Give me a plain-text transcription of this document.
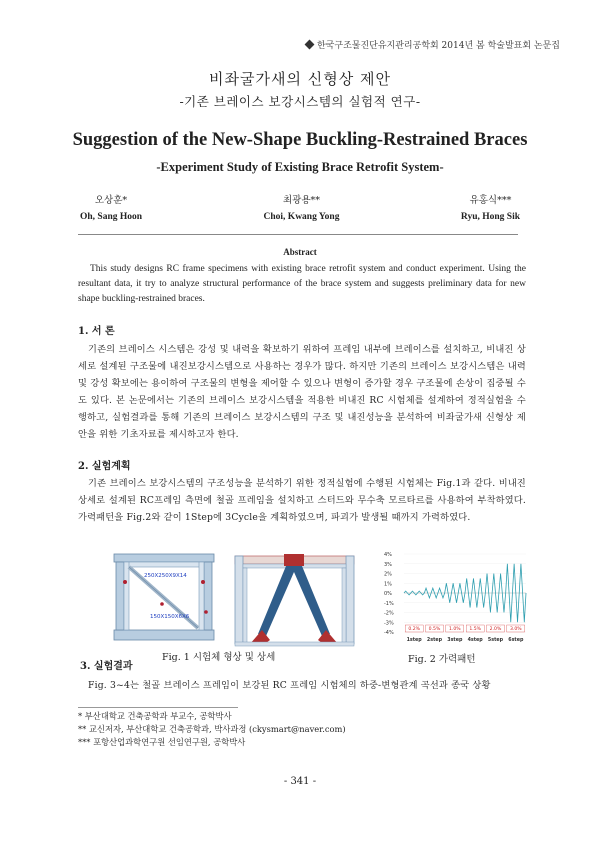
한국구조물진단유지관리공학회 2014년 봄 학술발표회 논문집
비좌굴가새의 신형상 제안
-기존 브레이스 보강시스템의 실험적 연구-
Suggestion of the New-Shape Buckling-Restrained Braces
-Experiment Study of Existing Brace Retrofit System-
오상훈*
Oh, Sang Hoon
최광용**
Choi, Kwang Yong
유홍식***
Ryu, Hong Sik
Abstract
This study designs RC frame specimens with existing brace retrofit system and conduct experiment. Using the resultant data, it try to analyze structural performance of the brace system and suggests preliminary data for new shape buckling-restrained braces.
1. 서 론
기존의 브레이스 시스템은 강성 및 내력을 확보하기 위하여 프레임 내부에 브레이스를 설치하고, 비내진 상세로 설계된 구조물에 내진보강시스템으로 사용하는 경우가 많다. 하지만 기존의 브레이스 보강시스템은 내력 및 강성 확보에는 용이하여 구조물의 변형을 제어할 수 있으나 변형이 증가할 경우 구조물에 손상이 집중될 수도 있다. 본 논문에서는 기존의 브레이스 보강시스템을 적용한 비내진 RC 시험체를 설계하여 정적실험을 수행하고, 실험결과를 통해 기존의 브레이스 보강시스템의 구조 및 내진성능을 분석하여 비좌굴가새 신형상 제안을 위한 기초자료를 제시하고자 한다.
2. 실험계획
기존 브레이스 보강시스템의 구조성능을 분석하기 위한 정적실험에 수행된 시험체는 Fig.1과 같다. 비내진 상세로 설계된 RC프레임 측면에 철골 프레임을 설치하고 스터드와 무수축 모르타르를 사용하여 부착하였다. 가력패턴을 Fig.2와 같이 1Step에 3Cycle을 계획하였으며, 파괴가 발생될 때까지 가력하였다.
250X250X9X14
150X150X6X6
4%
3%
2%
1%
0%
-1%
-2%
-3%
-4%
0.2% 0.5% 1.0% 1.5% 2.0% 3.0%
1step 2step 3step 4step 5step 6step
Fig. 1 시험체 형상 및 상세	Fig. 2 가력패턴
3. 실험결과
Fig. 3~4는 철골 브레이스 프레임이 보강된 RC 프레임 시험체의 하중-변형관계 곡선과 종국 상황
* 부산대학교 건축공학과 부교수, 공학박사
** 교신저자, 부산대학교 건축공학과, 박사과정 (ckysmart@naver.com)
*** 포항산업과학연구원 선임연구원, 공학박사
- 341 -
